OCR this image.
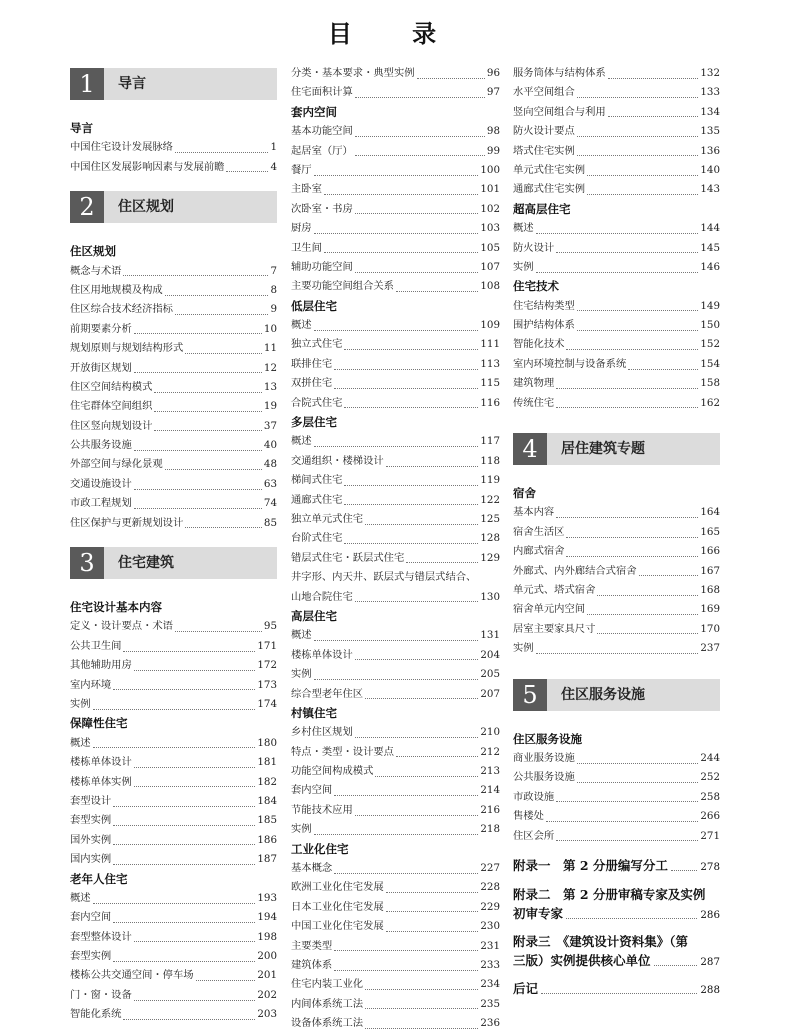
目 录
1	导言
导言
中国住宅设计发展脉络	1
中国住区发展影响因素与发展前瞻	4
2	住区规划
住区规划
概念与术语	7
住区用地规模及构成	8
住区综合技术经济指标	9
前期要素分析	10
规划原则与规划结构形式	11
开放街区规划	12
住区空间结构模式	13
住宅群体空间组织	19
住区竖向规划设计	37
公共服务设施	40
外部空间与绿化景观	48
交通设施设计	63
市政工程规划	74
住区保护与更新规划设计	85
3	住宅建筑
住宅设计基本内容
定义・设计要点・术语	95
公共卫生间	171
其他辅助用房	172
室内环境	173
实例	174
保障性住宅
概述	180
楼栋单体设计	181
楼栋单体实例	182
套型设计	184
套型实例	185
国外实例	186
国内实例	187
老年人住宅
概述	193
套内空间	194
套型整体设计	198
套型实例	200
楼栋公共交通空间・停车场	201
门・窗・设备	202
智能化系统	203
分类・基本要求・典型实例	96
住宅面积计算	97
套内空间
基本功能空间	98
起居室（厅）	99
餐厅	100
主卧室	101
次卧室・书房	102
厨房	103
卫生间	105
辅助功能空间	107
主要功能空间组合关系	108
低层住宅
概述	109
独立式住宅	111
联排住宅	113
双拼住宅	115
合院式住宅	116
多层住宅
概述	117
交通组织・楼梯设计	118
梯间式住宅	119
通廊式住宅	122
独立单元式住宅	125
台阶式住宅	128
错层式住宅・跃层式住宅	129
井字形、内天井、跃层式与错层式结合、
山地合院住宅	130
高层住宅
概述	131
楼栋单体设计	204
实例	205
综合型老年住区	207
村镇住宅
乡村住区规划	210
特点・类型・设计要点	212
功能空间构成模式	213
套内空间	214
节能技术应用	216
实例	218
工业化住宅
基本概念	227
欧洲工业化住宅发展	228
日本工业化住宅发展	229
中国工业化住宅发展	230
主要类型	231
建筑体系	233
住宅内装工业化	234
内间体系统工法	235
设备体系统工法	236
服务筒体与结构体系	132
水平空间组合	133
竖向空间组合与利用	134
防火设计要点	135
塔式住宅实例	136
单元式住宅实例	140
通廊式住宅实例	143
超高层住宅
概述	144
防火设计	145
实例	146
住宅技术
住宅结构类型	149
围护结构体系	150
智能化技术	152
室内环境控制与设备系统	154
建筑物理	158
传统住宅	162
4	居住建筑专题
宿舍
基本内容	164
宿舍生活区	165
内廊式宿舍	166
外廊式、内外廊结合式宿舍	167
单元式、塔式宿舍	168
宿舍单元内空间	169
居室主要家具尺寸	170
实例	237
5	住区服务设施
住区服务设施
商业服务设施	244
公共服务设施	252
市政设施	258
售楼处	266
住区会所	271
附录一　第 2 分册编写分工	278
附录二　第 2 分册审稿专家及实例
初审专家	286
附录三　《建筑设计资料集》（第
三版）实例提供核心单位	287
后记	288
